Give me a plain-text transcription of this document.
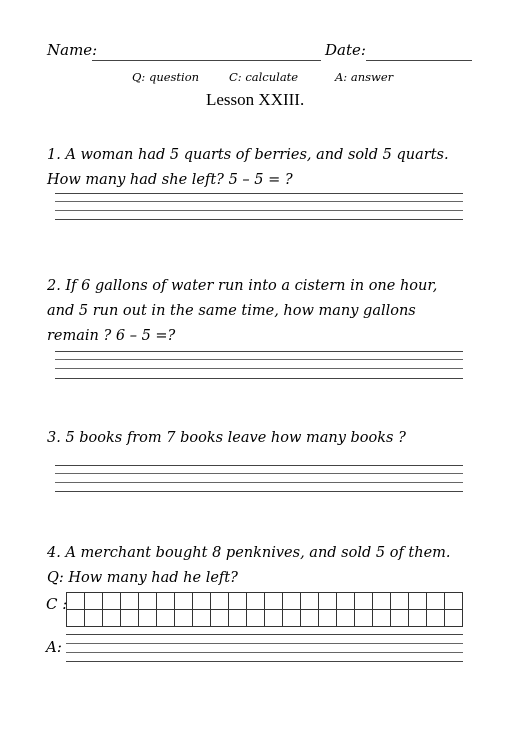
Name:	Date:
Q: question	C: calculate	A: answer
Lesson XXIII.
1. A woman had 5 quarts of berries, and sold 5 quarts.
How many had she left? 5 – 5 = ?
2. If 6 gallons of water run into a cistern in one hour,
and 5 run out in the same time, how many gallons
remain ? 6 – 5 =?
3. 5 books from 7 books leave how many books ?
4. A merchant bought 8 penknives, and sold 5 of them.
Q: How many had he left?
C :

A:
